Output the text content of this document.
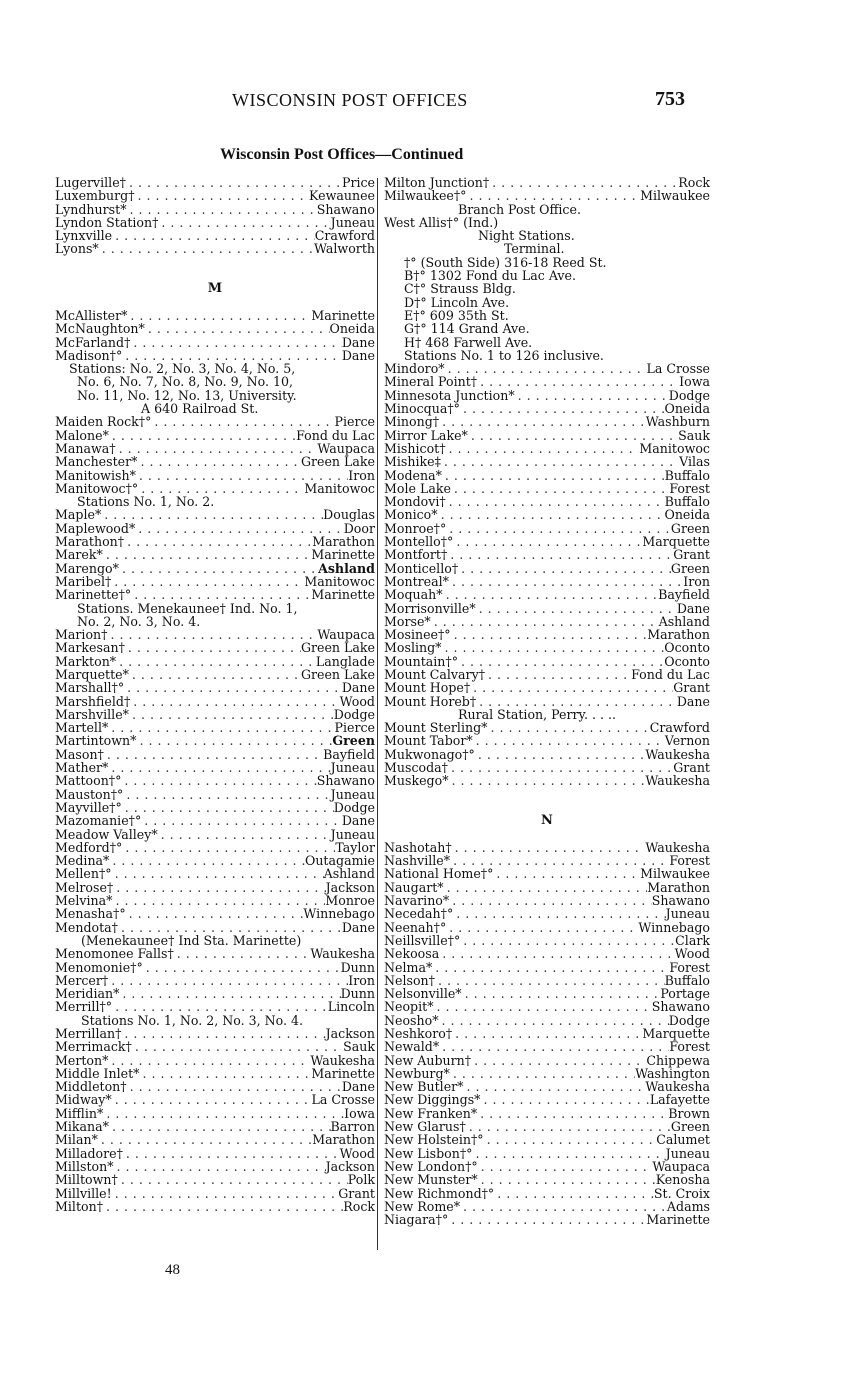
WISCONSIN POST OFFICES	753
Wisconsin Post Offices—Continued
Lugerville† . . .	Price
Luxemburg† . . .	Kewaunee
Lyndhurst* . . .	Shawano
Lyndon Station† . . .	Juneau
Lynxville . . .	Crawford
Lyons* . . .	Walworth
M
McAllister* . . .	Marinette
McNaughton* . . .	Oneida
McFarland† . . .	Dane
Madison†° . . .	Dane
Stations: No. 2, No. 3, No. 4, No. 5,
No. 6, No. 7, No. 8, No. 9, No. 10,
No. 11, No. 12, No. 13, University.
A 640 Railroad St.
Maiden Rock†° . . .	Pierce
Malone* . . .	Fond du Lac
Manawa† . . .	Waupaca
Manchester* . . .	Green Lake
Manitowish* . . .	Iron
Manitowoc†° . . .	Manitowoc
Stations No. 1, No. 2.
Maple* . . .	Douglas
Maplewood* . . .	Door
Marathon† . . .	Marathon
Marek* . . .	Marinette
Marengo* . . .	Ashland
Maribel† . . .	Manitowoc
Marinette†° . . .	Marinette
Stations. Menekaunee† Ind. No. 1,
No. 2, No. 3, No. 4.
Marion† . . .	Waupaca
Markesan† . . .	Green Lake
Markton* . . .	Langlade
Marquette* . . .	Green Lake
Marshall†° . . .	Dane
Marshfield† . . .	Wood
Marshville* . . .	Dodge
Martell* . . .	Pierce
Martintown* . . .	Green
Mason† . . .	Bayfield
Mather* . . .	Juneau
Mattoon†° . . .	Shawano
Mauston†° . . .	Juneau
Mayville†° . . .	Dodge
Mazomanie†° . . .	Dane
Meadow Valley* . . .	Juneau
Medford†° . . .	Taylor
Medina* . . .	Outagamie
Mellen†° . . .	Ashland
Melrose† . . .	Jackson
Melvina* . . .	Monroe
Menasha†° . . .	Winnebago
Mendota† . . .	Dane
(Menekaunee† Ind Sta. Marinette)
Menomonee Falls† . . .	Waukesha
Menomonie†° . . .	Dunn
Mercer† . . .	Iron
Meridian* . . .	Dunn
Merrill†° . . .	Lincoln
Stations No. 1, No. 2, No. 3, No. 4.
Merrillan† . . .	Jackson
Merrimack† . . .	Sauk
Merton* . . .	Waukesha
Middle Inlet* . . .	Marinette
Middleton† . . .	Dane
Midway* . . .	La Crosse
Mifflin* . . .	Iowa
Mikana* . . .	Barron
Milan* . . .	Marathon
Milladore† . . .	Wood
Millston* . . .	Jackson
Milltown† . . .	Polk
Millville! . . .	Grant
Milton† . . .	Rock
Milton Junction† . . .	Rock
Milwaukee†° . . .	Milwaukee
Branch Post Office.
West Allis†° (Ind.)
Night Stations.
Terminal.
†° (South Side) 316-18 Reed St.
B†° 1302 Fond du Lac Ave.
C†° Strauss Bldg.
D†° Lincoln Ave.
E†° 609 35th St.
G†° 114 Grand Ave.
H† 468 Farwell Ave.
Stations No. 1 to 126 inclusive.
Mindoro* . . .	La Crosse
Mineral Point† . . .	Iowa
Minnesota Junction* . . .	Dodge
Minocqua†° . . .	Oneida
Minong† . . .	Washburn
Mirror Lake* . . .	Sauk
Mishicot† . . .	Manitowoc
Mishike‡ . . .	Vilas
Modena* . . .	Buffalo
Mole Lake . . .	Forest
Mondovi† . . .	Buffalo
Monico* . . .	Oneida
Monroe†° . . .	Green
Montello†° . . .	Marquette
Montfort† . . .	Grant
Monticello† . . .	Green
Montreal* . . .	Iron
Moquah* . . .	Bayfield
Morrisonville* . . .	Dane
Morse* . . .	Ashland
Mosinee†° . . .	Marathon
Mosling* . . .	Oconto
Mountain†° . . .	Oconto
Mount Calvary† . . .	Fond du Lac
Mount Hope† . . .	Grant
Mount Horeb† . . .	Dane
Rural Station, Perry. . . ..
Mount Sterling* . . .	Crawford
Mount Tabor* . . .	Vernon
Mukwonago†° . . .	Waukesha
Muscoda† . . .	Grant
Muskego* . . .	Waukesha
N
Nashotah† . . .	Waukesha
Nashville* . . .	Forest
National Home†° . . .	Milwaukee
Naugart* . . .	Marathon
Navarino* . . .	Shawano
Necedah†° . . .	Juneau
Neenah†° . . .	Winnebago
Neillsville†° . . .	Clark
Nekoosa . . .	Wood
Nelma* . . .	Forest
Nelson† . . .	Buffalo
Nelsonville* . . .	Portage
Neopit* . . .	Shawano
Neosho* . . .	Dodge
Neshkoro† . . .	Marquette
Newald* . . .	Forest
New Auburn† . . .	Chippewa
Newburg* . . .	Washington
New Butler* . . .	Waukesha
New Diggings* . . .	Lafayette
New Franken* . . .	Brown
New Glarus† . . .	Green
New Holstein†° . . .	Calumet
New Lisbon†° . . .	Juneau
New London†° . . .	Waupaca
New Munster* . . .	Kenosha
New Richmond†° . . .	St. Croix
New Rome* . . .	Adams
Niagara†° . . .	Marinette
48
